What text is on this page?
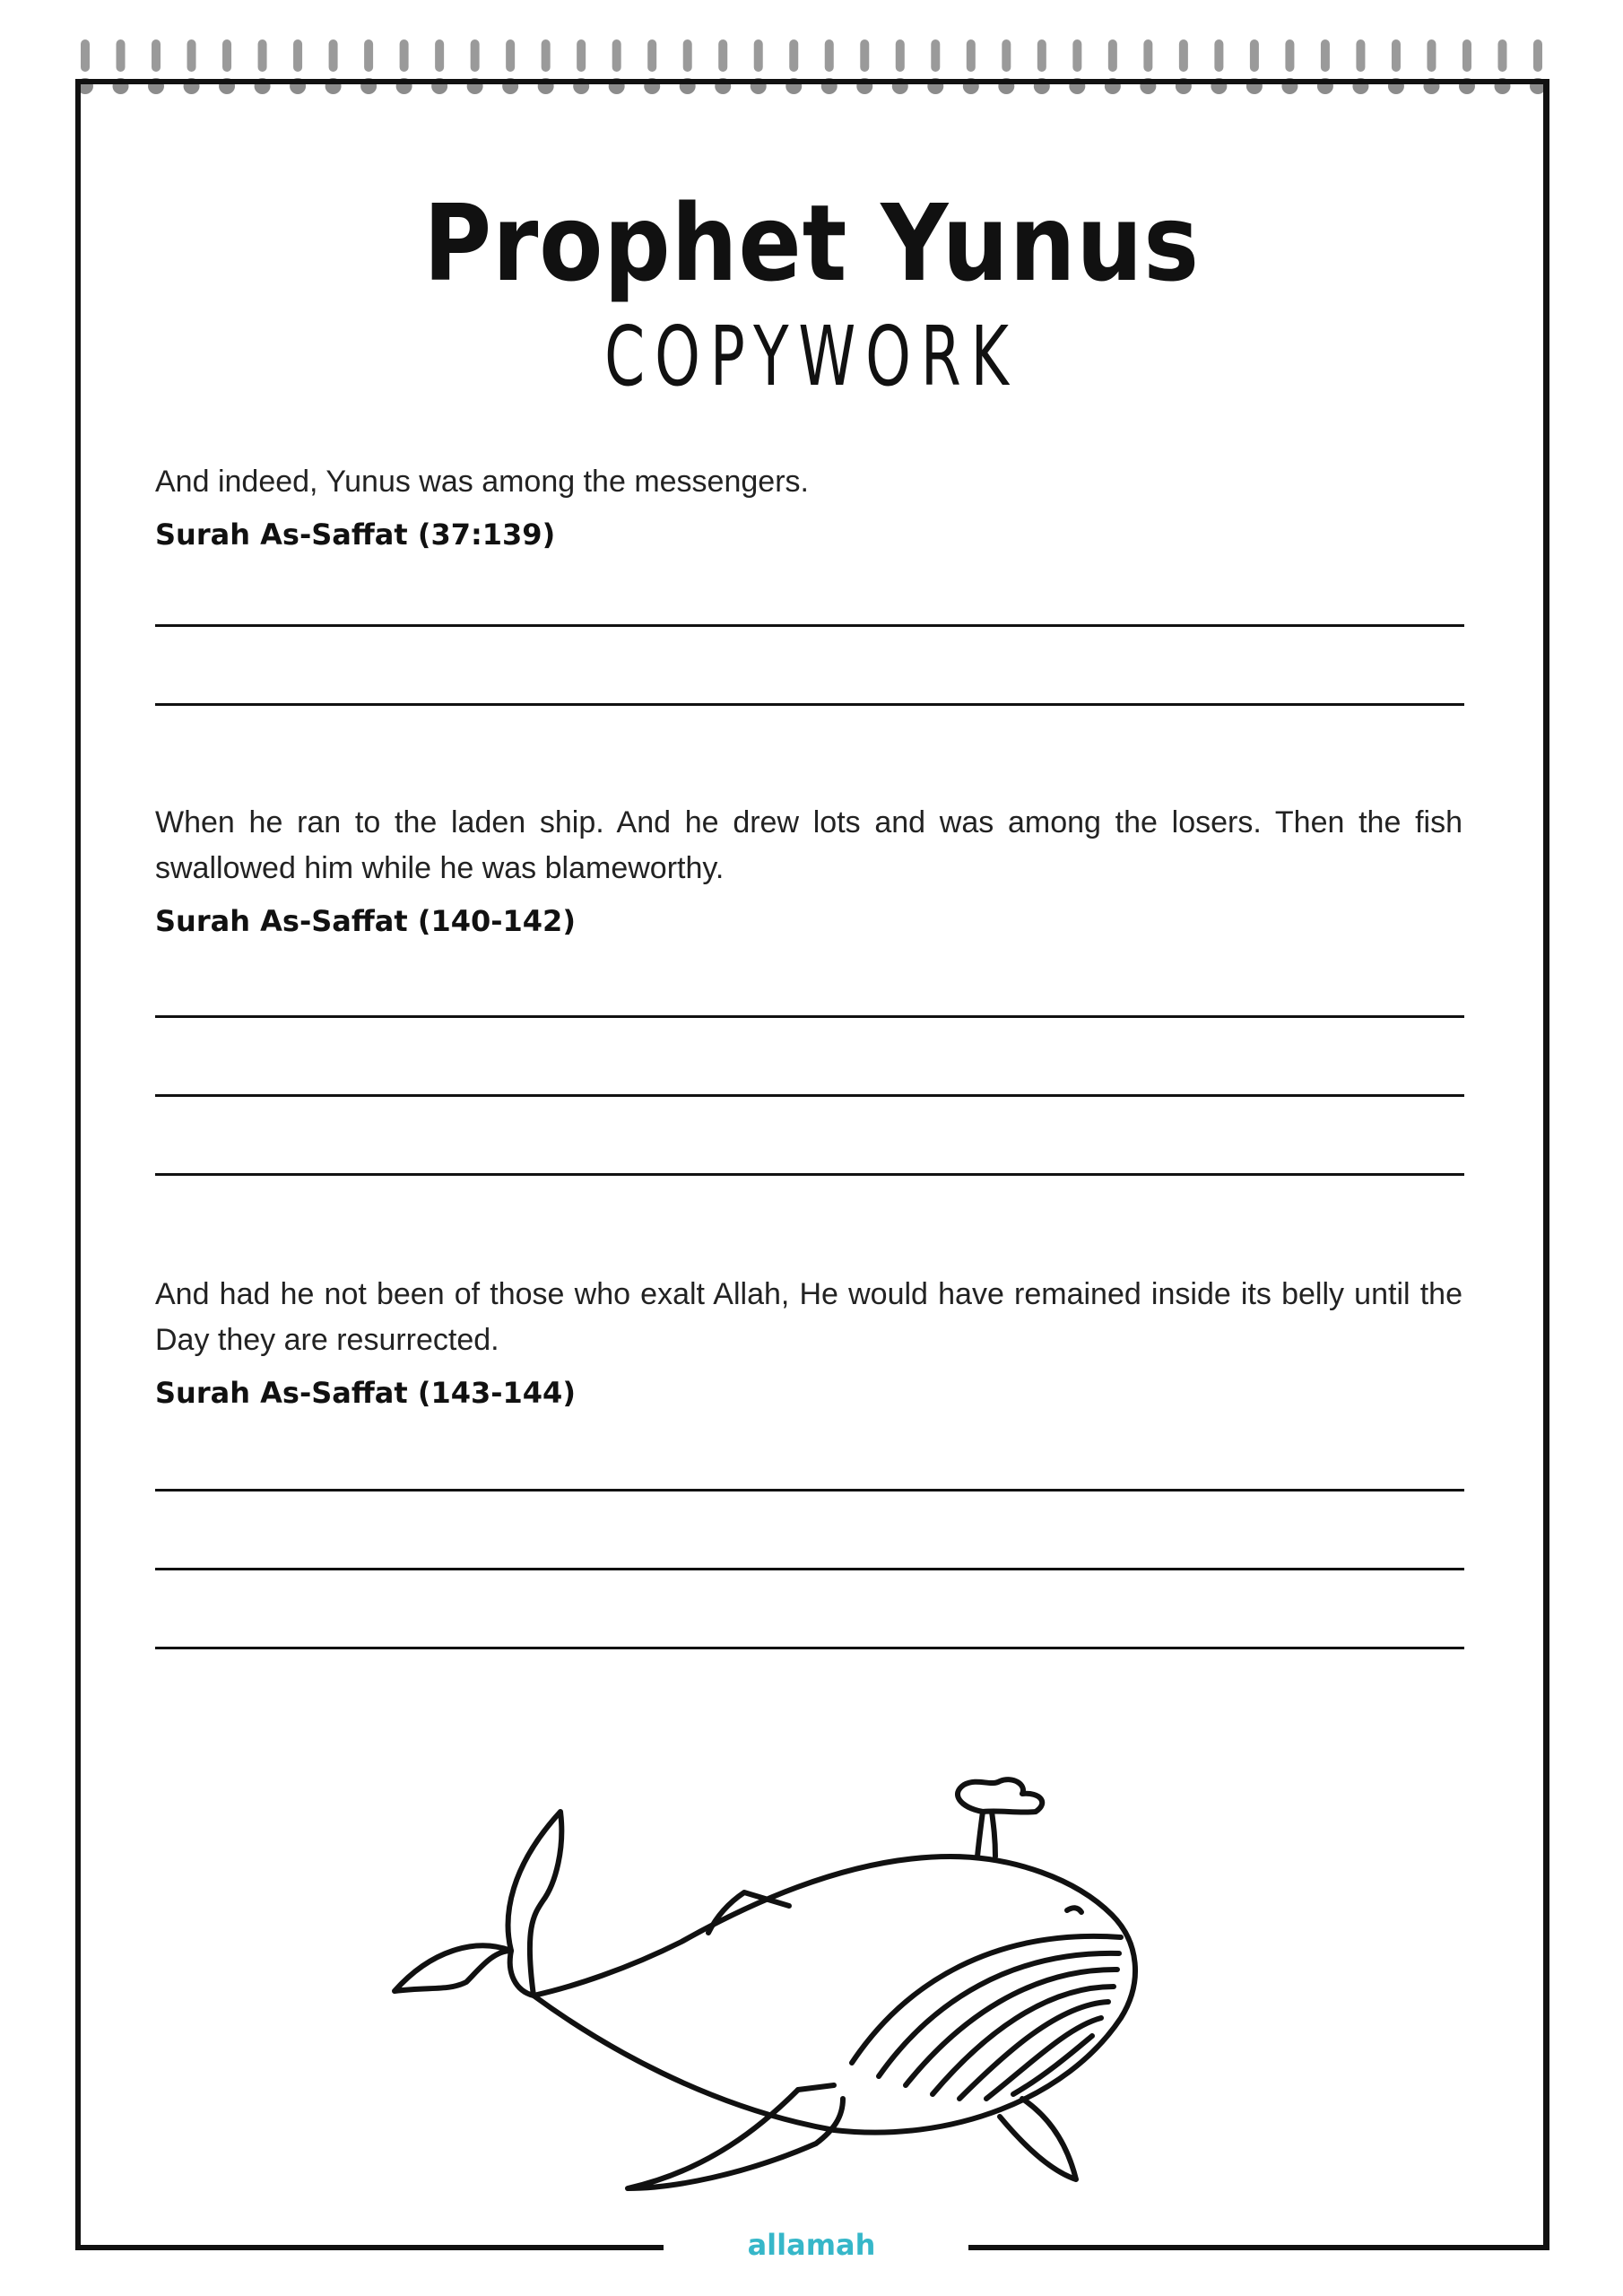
Prophet Yunus
COPYWORK

And indeed, Yunus was among the messengers.

Surah As-Saffat (37:139)

When he ran to the laden ship. And he drew lots and was among the losers. Then the fish swallowed him while he was blameworthy.

Surah As-Saffat (140-142)

And had he not been of those who exalt Allah, He would have remained inside its belly until the Day they are resurrected.

Surah As-Saffat (143-144)
allamah
